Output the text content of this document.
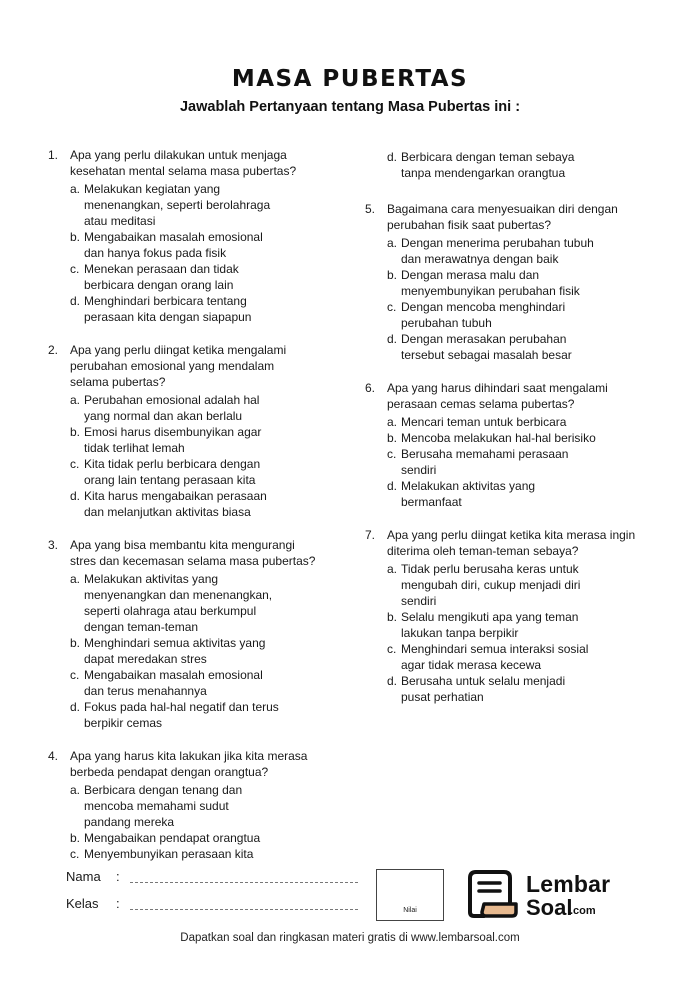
MASA PUBERTAS
Jawablah Pertanyaan tentang Masa Pubertas ini :
1. Apa yang perlu dilakukan untuk menjaga
kesehatan mental selama masa pubertas?
a. Melakukan kegiatan yang
menenangkan, seperti berolahraga
atau meditasi
b. Mengabaikan masalah emosional
dan hanya fokus pada fisik
c. Menekan perasaan dan tidak
berbicara dengan orang lain
d. Menghindari berbicara tentang
perasaan kita dengan siapapun
2. Apa yang perlu diingat ketika mengalami
perubahan emosional yang mendalam
selama pubertas?
a. Perubahan emosional adalah hal
yang normal dan akan berlalu
b. Emosi harus disembunyikan agar
tidak terlihat lemah
c. Kita tidak perlu berbicara dengan
orang lain tentang perasaan kita
d. Kita harus mengabaikan perasaan
dan melanjutkan aktivitas biasa
3. Apa yang bisa membantu kita mengurangi
stres dan kecemasan selama masa pubertas?
a. Melakukan aktivitas yang
menyenangkan dan menenangkan,
seperti olahraga atau berkumpul
dengan teman-teman
b. Menghindari semua aktivitas yang
dapat meredakan stres
c. Mengabaikan masalah emosional
dan terus menahannya
d. Fokus pada hal-hal negatif dan terus
berpikir cemas
4. Apa yang harus kita lakukan jika kita merasa
berbeda pendapat dengan orangtua?
a. Berbicara dengan tenang dan
mencoba memahami sudut
pandang mereka
b. Mengabaikan pendapat orangtua
c. Menyembunyikan perasaan kita
d. Berbicara dengan teman sebaya
tanpa mendengarkan orangtua
5. Bagaimana cara menyesuaikan diri dengan
perubahan fisik saat pubertas?
a. Dengan menerima perubahan tubuh
dan merawatnya dengan baik
b. Dengan merasa malu dan
menyembunyikan perubahan fisik
c. Dengan mencoba menghindari
perubahan tubuh
d. Dengan merasakan perubahan
tersebut sebagai masalah besar
6. Apa yang harus dihindari saat mengalami
perasaan cemas selama pubertas?
a. Mencari teman untuk berbicara
b. Mencoba melakukan hal-hal berisiko
c. Berusaha memahami perasaan
sendiri
d. Melakukan aktivitas yang
bermanfaat
7. Apa yang perlu diingat ketika kita merasa ingin
diterima oleh teman-teman sebaya?
a. Tidak perlu berusaha keras untuk
mengubah diri, cukup menjadi diri
sendiri
b. Selalu mengikuti apa yang teman
lakukan tanpa berpikir
c. Menghindari semua interaksi sosial
agar tidak merasa kecewa
d. Berusaha untuk selalu menjadi
pusat perhatian
Nama	:
Kelas	:	Nilai
Lembar
Soal
.com
Dapatkan soal dan ringkasan materi gratis di www.lembarsoal.com
